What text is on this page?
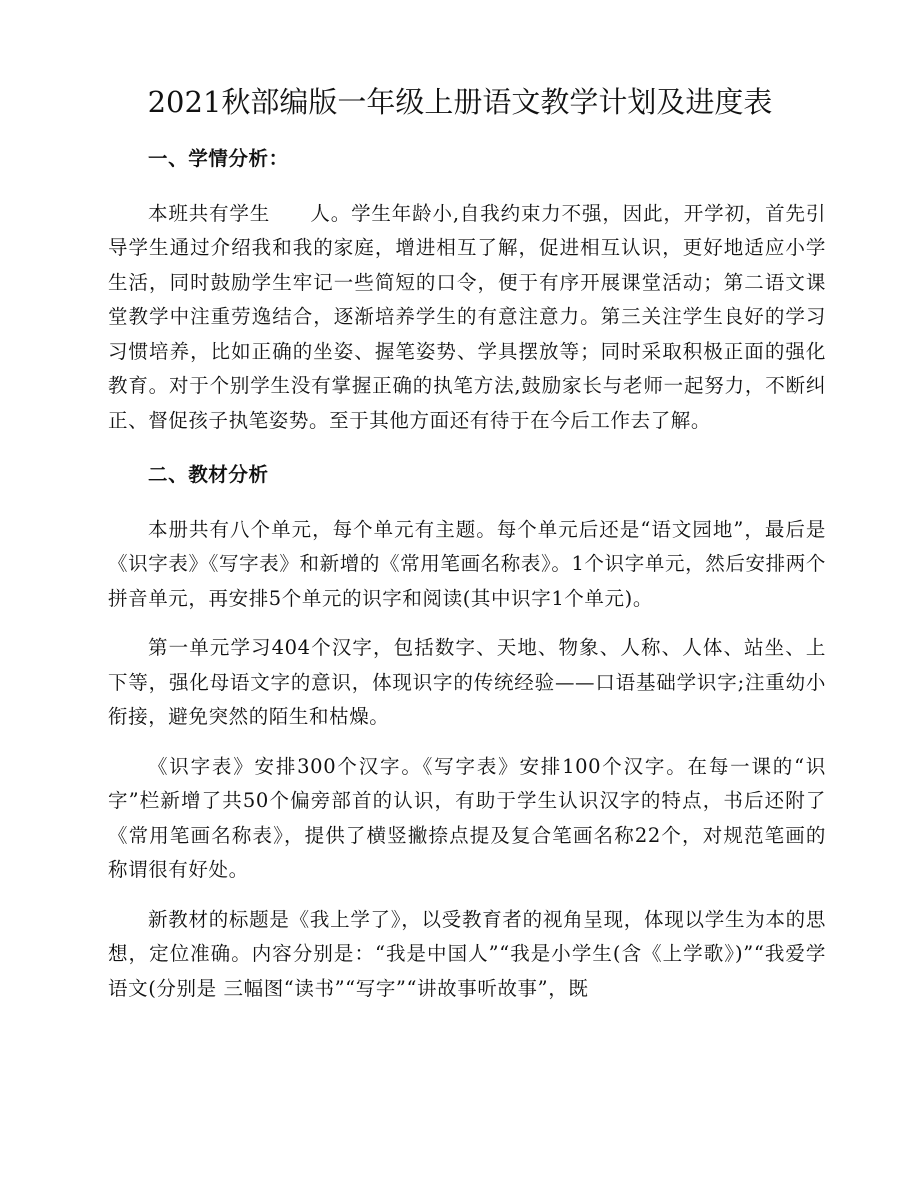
2021秋部编版一年级上册语文教学计划及进度表

一、学情分析：

本班共有学生 人。学生年龄小,自我约束力不强，因此，开学初，首先引导学生通过介绍我和我的家庭，增进相互了解，促进相互认识，更好地适应小学生活，同时鼓励学生牢记一些简短的口令，便于有序开展课堂活动；第二语文课堂教学中注重劳逸结合，逐渐培养学生的有意注意力。第三关注学生良好的学习习惯培养，比如正确的坐姿、握笔姿势、学具摆放等；同时采取积极正面的强化教育。对于个别学生没有掌握正确的执笔方法,鼓励家长与老师一起努力，不断纠正、督促孩子执笔姿势。至于其他方面还有待于在今后工作去了解。

二、教材分析

本册共有八个单元，每个单元有主题。每个单元后还是“语文园地”，最后是《识字表》《写字表》和新增的《常用笔画名称表》。1个识字单元，然后安排两个拼音单元，再安排5个单元的识字和阅读(其中识字1个单元)。

第一单元学习404个汉字，包括数字、天地、物象、人称、人体、站坐、上下等，强化母语文字的意识，体现识字的传统经验——口语基础学识字;注重幼小衔接，避免突然的陌生和枯燥。

《识字表》安排300个汉字。《写字表》安排100个汉字。在每一课的“识字”栏新增了共50个偏旁部首的认识，有助于学生认识汉字的特点，书后还附了《常用笔画名称表》，提供了横竖撇捺点提及复合笔画名称22个，对规范笔画的称谓很有好处。

新教材的标题是《我上学了》，以受教育者的视角呈现，体现以学生为本的思想，定位准确。内容分别是：“我是中国人”“我是小学生(含《上学歌》)”“我爱学语文(分别是 三幅图“读书”“写字”“讲故事听故事”，既
